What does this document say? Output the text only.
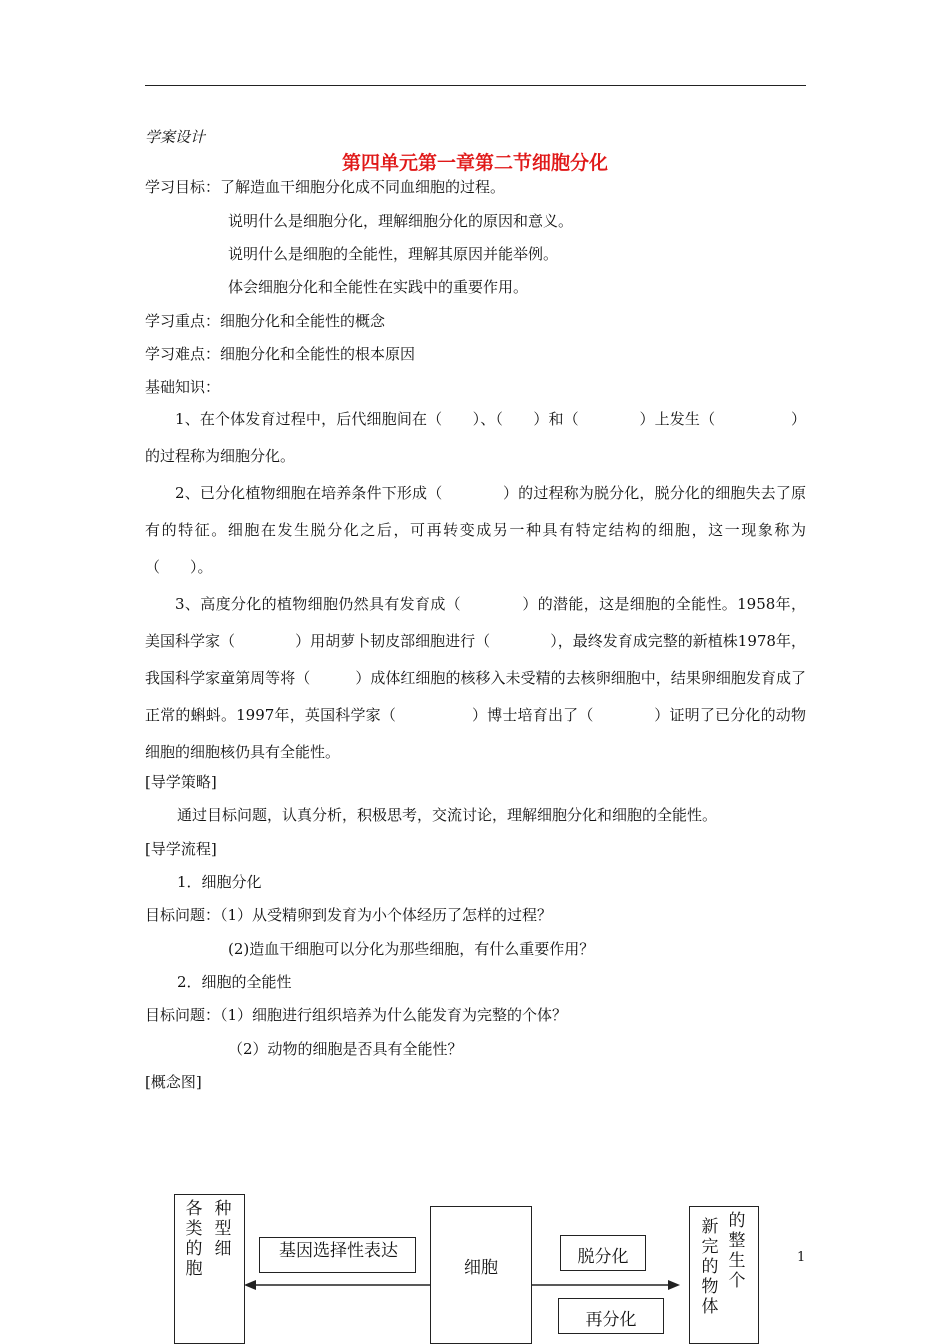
学案设计
第四单元第一章第二节细胞分化
学习目标：了解造血干细胞分化成不同血细胞的过程。
说明什么是细胞分化，理解细胞分化的原因和意义。
说明什么是细胞的全能性，理解其原因并能举例。
体会细胞分化和全能性在实践中的重要作用。
学习重点：细胞分化和全能性的概念
学习难点：细胞分化和全能性的根本原因
基础知识：

1、在个体发育过程中，后代细胞间在（　　）、（　　）和（　　　　）上发生（　　　　　）的过程称为细胞分化。

2、已分化植物细胞在培养条件下形成（　　　　）的过程称为脱分化，脱分化的细胞失去了原有的特征。细胞在发生脱分化之后，可再转变成另一种具有特定结构的细胞，这一现象称为（　　）。

3、高度分化的植物细胞仍然具有发育成（　　　　）的潜能，这是细胞的全能性。1958年，美国科学家（　　　　）用胡萝卜韧皮部细胞进行（　　　　），最终发育成完整的新植株1978年，我国科学家童第周等将（　　　）成体红细胞的核移入未受精的去核卵细胞中，结果卵细胞发育成了正常的蝌蚪。1997年，英国科学家（　　　　　）博士培育出了（　　　　）证明了已分化的动物细胞的细胞核仍具有全能性。

[导学策略]
通过目标问题，认真分析，积极思考，交流讨论，理解细胞分化和细胞的全能性。
[导学流程]
1．细胞分化
目标问题：（1）从受精卵到发育为小个体经历了怎样的过程？
(2)造血干细胞可以分化为那些细胞，有什么重要作用？
2．细胞的全能性
目标问题：（1）细胞进行组织培养为什么能发育为完整的个体？
（2）动物的细胞是否具有全能性？
[概念图]
各类的胞
种型细	基因选择性表达
细胞
脱分化
再分化
新完的物体
的整生个
1
